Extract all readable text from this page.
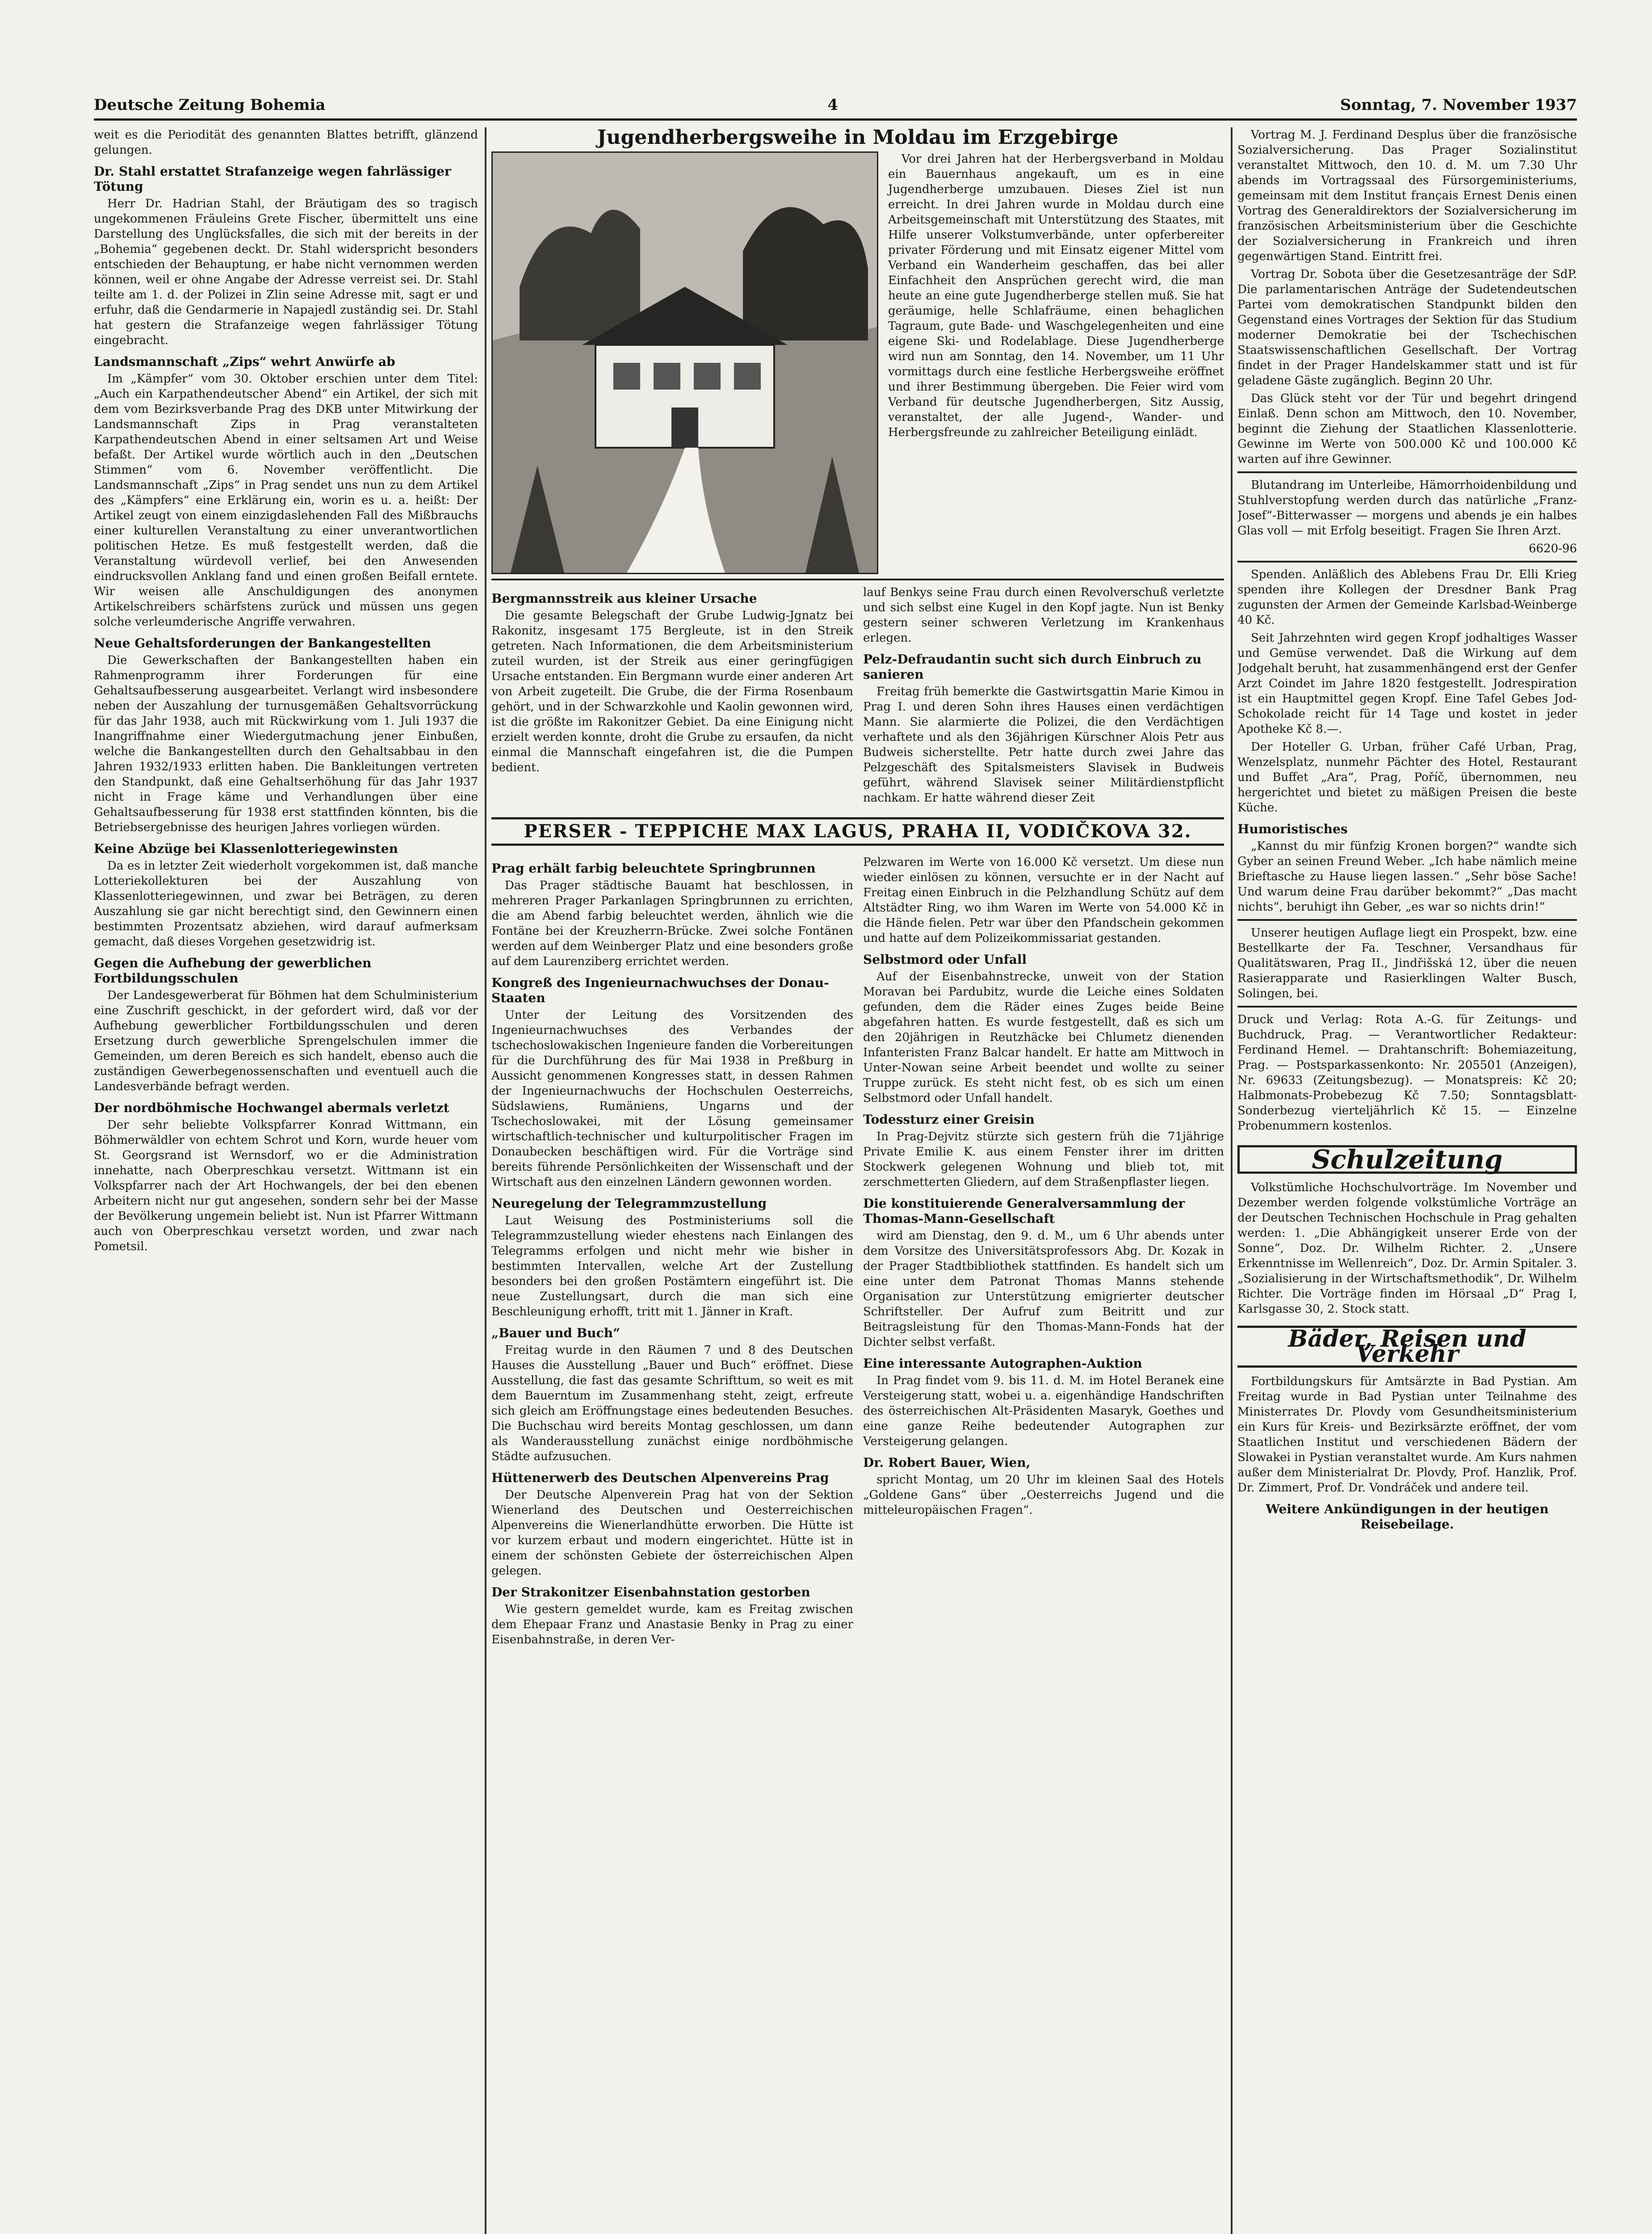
Deutsche Zeitung Bohemia	4	Sonntag, 7. November 1937

weit es die Periodität des genannten Blattes betrifft, glänzend gelungen.

Dr. Stahl erstattet Strafanzeige wegen fahrlässiger Tötung

Herr Dr. Hadrian Stahl, der Bräutigam des so tragisch ungekommenen Fräuleins Grete Fischer, übermittelt uns eine Darstellung des Unglücksfalles, die sich mit der bereits in der „Bohemia“ gegebenen deckt. Dr. Stahl widerspricht besonders entschieden der Behauptung, er habe nicht vernommen werden können, weil er ohne Angabe der Adresse verreist sei. Dr. Stahl teilte am 1. d. der Polizei in Zlin seine Adresse mit, sagt er und erfuhr, daß die Gendarmerie in Napajedl zuständig sei. Dr. Stahl hat gestern die Strafanzeige wegen fahrlässiger Tötung eingebracht.

Landsmannschaft „Zips“ wehrt Anwürfe ab

Im „Kämpfer“ vom 30. Oktober erschien unter dem Titel: „Auch ein Karpathendeutscher Abend“ ein Artikel, der sich mit dem vom Bezirksverbande Prag des DKB unter Mitwirkung der Landsmannschaft Zips in Prag veranstalteten Karpathendeutschen Abend in einer seltsamen Art und Weise befaßt. Der Artikel wurde wörtlich auch in den „Deutschen Stimmen“ vom 6. November veröffentlicht. Die Landsmannschaft „Zips“ in Prag sendet uns nun zu dem Artikel des „Kämpfers“ eine Erklärung ein, worin es u. a. heißt: Der Artikel zeugt von einem einzigdaslehenden Fall des Mißbrauchs einer kulturellen Veranstaltung zu einer unverantwortlichen politischen Hetze. Es muß festgestellt werden, daß die Veranstaltung würdevoll verlief, bei den Anwesenden eindrucksvollen Anklang fand und einen großen Beifall erntete. Wir weisen alle Anschuldigungen des anonymen Artikelschreibers schärfstens zurück und müssen uns gegen solche verleumderische Angriffe verwahren.

Neue Gehaltsforderungen der Bankangestellten

Die Gewerkschaften der Bankangestellten haben ein Rahmenprogramm ihrer Forderungen für eine Gehaltsaufbesserung ausgearbeitet. Verlangt wird insbesondere neben der Auszahlung der turnusgemäßen Gehaltsvorrückung für das Jahr 1938, auch mit Rückwirkung vom 1. Juli 1937 die Inangriffnahme einer Wiedergutmachung jener Einbußen, welche die Bankangestellten durch den Gehaltsabbau in den Jahren 1932/1933 erlitten haben. Die Bankleitungen vertreten den Standpunkt, daß eine Gehaltserhöhung für das Jahr 1937 nicht in Frage käme und Verhandlungen über eine Gehaltsaufbesserung für 1938 erst stattfinden könnten, bis die Betriebsergebnisse des heurigen Jahres vorliegen würden.

Keine Abzüge bei Klassenlotteriegewinsten

Da es in letzter Zeit wiederholt vorgekommen ist, daß manche Lotteriekollekturen bei der Auszahlung von Klassenlotteriegewinnen, und zwar bei Beträgen, zu deren Auszahlung sie gar nicht berechtigt sind, den Gewinnern einen bestimmten Prozentsatz abziehen, wird darauf aufmerksam gemacht, daß dieses Vorgehen gesetzwidrig ist.

Gegen die Aufhebung der gewerblichen Fortbildungsschulen

Der Landesgewerberat für Böhmen hat dem Schulministerium eine Zuschrift geschickt, in der gefordert wird, daß vor der Aufhebung gewerblicher Fortbildungsschulen und deren Ersetzung durch gewerbliche Sprengelschulen immer die Gemeinden, um deren Bereich es sich handelt, ebenso auch die zuständigen Gewerbegenossenschaften und eventuell auch die Landesverbände befragt werden.

Der nordböhmische Hochwangel abermals verletzt

Der sehr beliebte Volkspfarrer Konrad Wittmann, ein Böhmerwäldler von echtem Schrot und Korn, wurde heuer vom St. Georgsrand ist Wernsdorf, wo er die Administration innehatte, nach Oberpreschkau versetzt. Wittmann ist ein Volkspfarrer nach der Art Hochwangels, der bei den ebenen Arbeitern nicht nur gut angesehen, sondern sehr bei der Masse der Bevölkerung ungemein beliebt ist. Nun ist Pfarrer Wittmann auch von Oberpreschkau versetzt worden, und zwar nach Pometsil.

Jugendherbergsweihe in Moldau im Erzgebirge

Vor drei Jahren hat der Herbergsverband in Moldau ein Bauernhaus angekauft, um es in eine Jugendherberge umzubauen. Dieses Ziel ist nun erreicht. In drei Jahren wurde in Moldau durch eine Arbeitsgemeinschaft mit Unterstützung des Staates, mit Hilfe unserer Volkstumverbände, unter opferbereiter privater Förderung und mit Einsatz eigener Mittel vom Verband ein Wanderheim geschaffen, das bei aller Einfachheit den Ansprüchen gerecht wird, die man heute an eine gute Jugendherberge stellen muß. Sie hat geräumige, helle Schlafräume, einen behaglichen Tagraum, gute Bade- und Waschgelegenheiten und eine eigene Ski- und Rodelablage. Diese Jugendherberge wird nun am Sonntag, den 14. November, um 11 Uhr vormittags durch eine festliche Herbergsweihe eröffnet und ihrer Bestimmung übergeben. Die Feier wird vom Verband für deutsche Jugendherbergen, Sitz Aussig, veranstaltet, der alle Jugend-, Wander- und Herbergsfreunde zu zahlreicher Beteiligung einlädt.

Bergmannsstreik aus kleiner Ursache

Die gesamte Belegschaft der Grube Ludwig-Jgnatz bei Rakonitz, insgesamt 175 Bergleute, ist in den Streik getreten. Nach Informationen, die dem Arbeitsministerium zuteil wurden, ist der Streik aus einer geringfügigen Ursache entstanden. Ein Bergmann wurde einer anderen Art von Arbeit zugeteilt. Die Grube, die der Firma Rosenbaum gehört, und in der Schwarzkohle und Kaolin gewonnen wird, ist die größte im Rakonitzer Gebiet. Da eine Einigung nicht erzielt werden konnte, droht die Grube zu ersaufen, da nicht einmal die Mannschaft eingefahren ist, die die Pumpen bedient.

lauf Benkys seine Frau durch einen Revolverschuß verletzte und sich selbst eine Kugel in den Kopf jagte. Nun ist Benky gestern seiner schweren Verletzung im Krankenhaus erlegen.

Pelz-Defraudantin sucht sich durch Einbruch zu sanieren

Freitag früh bemerkte die Gastwirtsgattin Marie Kimou in Prag I. und deren Sohn ihres Hauses einen verdächtigen Mann. Sie alarmierte die Polizei, die den Verdächtigen verhaftete und als den 36jährigen Kürschner Alois Petr aus Budweis sicherstellte. Petr hatte durch zwei Jahre das Pelzgeschäft des Spitalsmeisters Slavisek in Budweis geführt, während Slavisek seiner Militärdienstpflicht nachkam. Er hatte während dieser Zeit

PERSER - TEPPICHE MAX LAGUS, PRAHA II, VODIČKOVA 32.
Prag erhält farbig beleuchtete Springbrunnen

Das Prager städtische Bauamt hat beschlossen, in mehreren Prager Parkanlagen Springbrunnen zu errichten, die am Abend farbig beleuchtet werden, ähnlich wie die Fontäne bei der Kreuzherrn-Brücke. Zwei solche Fontänen werden auf dem Weinberger Platz und eine besonders große auf dem Laurenziberg errichtet werden.

Kongreß des Ingenieurnachwuchses der Donau-Staaten

Unter der Leitung des Vorsitzenden des Ingenieurnachwuchses des Verbandes der tschechoslowakischen Ingenieure fanden die Vorbereitungen für die Durchführung des für Mai 1938 in Preßburg in Aussicht genommenen Kongresses statt, in dessen Rahmen der Ingenieurnachwuchs der Hochschulen Oesterreichs, Südslawiens, Rumäniens, Ungarns und der Tschechoslowakei, mit der Lösung gemeinsamer wirtschaftlich-technischer und kulturpolitischer Fragen im Donaubecken beschäftigen wird. Für die Vorträge sind bereits führende Persönlichkeiten der Wissenschaft und der Wirtschaft aus den einzelnen Ländern gewonnen worden.

Neuregelung der Telegrammzustellung

Laut Weisung des Postministeriums soll die Telegrammzustellung wieder ehestens nach Einlangen des Telegramms erfolgen und nicht mehr wie bisher in bestimmten Intervallen, welche Art der Zustellung besonders bei den großen Postämtern eingeführt ist. Die neue Zustellungsart, durch die man sich eine Beschleunigung erhofft, tritt mit 1. Jänner in Kraft.

„Bauer und Buch“

Freitag wurde in den Räumen 7 und 8 des Deutschen Hauses die Ausstellung „Bauer und Buch“ eröffnet. Diese Ausstellung, die fast das gesamte Schrifttum, so weit es mit dem Bauerntum im Zusammenhang steht, zeigt, erfreute sich gleich am Eröffnungstage eines bedeutenden Besuches. Die Buchschau wird bereits Montag geschlossen, um dann als Wanderausstellung zunächst einige nordböhmische Städte aufzusuchen.

Hüttenerwerb des Deutschen Alpenvereins Prag

Der Deutsche Alpenverein Prag hat von der Sektion Wienerland des Deutschen und Oesterreichischen Alpenvereins die Wienerlandhütte erworben. Die Hütte ist vor kurzem erbaut und modern eingerichtet. Hütte ist in einem der schönsten Gebiete der österreichischen Alpen gelegen.

Der Strakonitzer Eisenbahnstation gestorben

Wie gestern gemeldet wurde, kam es Freitag zwischen dem Ehepaar Franz und Anastasie Benky in Prag zu einer Eisenbahnstraße, in deren Ver-

Pelzwaren im Werte von 16.000 Kč versetzt. Um diese nun wieder einlösen zu können, versuchte er in der Nacht auf Freitag einen Einbruch in die Pelzhandlung Schütz auf dem Altstädter Ring, wo ihm Waren im Werte von 54.000 Kč in die Hände fielen. Petr war über den Pfandschein gekommen und hatte auf dem Polizeikommissariat gestanden.

Selbstmord oder Unfall

Auf der Eisenbahnstrecke, unweit von der Station Moravan bei Pardubitz, wurde die Leiche eines Soldaten gefunden, dem die Räder eines Zuges beide Beine abgefahren hatten. Es wurde festgestellt, daß es sich um den 20jährigen in Reutzhäcke bei Chlumetz dienenden Infanteristen Franz Balcar handelt. Er hatte am Mittwoch in Unter-Nowan seine Arbeit beendet und wollte zu seiner Truppe zurück. Es steht nicht fest, ob es sich um einen Selbstmord oder Unfall handelt.

Todessturz einer Greisin

In Prag-Dejvitz stürzte sich gestern früh die 71jährige Private Emilie K. aus einem Fenster ihrer im dritten Stockwerk gelegenen Wohnung und blieb tot, mit zerschmetterten Gliedern, auf dem Straßenpflaster liegen.

Die konstituierende Generalversammlung der Thomas-Mann-Gesellschaft

wird am Dienstag, den 9. d. M., um 6 Uhr abends unter dem Vorsitze des Universitätsprofessors Abg. Dr. Kozak in der Prager Stadtbibliothek stattfinden. Es handelt sich um eine unter dem Patronat Thomas Manns stehende Organisation zur Unterstützung emigrierter deutscher Schriftsteller. Der Aufruf zum Beitritt und zur Beitragsleistung für den Thomas-Mann-Fonds hat der Dichter selbst verfaßt.

Eine interessante Autographen-Auktion

In Prag findet vom 9. bis 11. d. M. im Hotel Beranek eine Versteigerung statt, wobei u. a. eigenhändige Handschriften des österreichischen Alt-Präsidenten Masaryk, Goethes und eine ganze Reihe bedeutender Autographen zur Versteigerung gelangen.

Dr. Robert Bauer, Wien,

spricht Montag, um 20 Uhr im kleinen Saal des Hotels „Goldene Gans“ über „Oesterreichs Jugend und die mitteleuropäischen Fragen“.

Vortrag M. J. Ferdinand Desplus über die französische Sozialversicherung. Das Prager Sozialinstitut veranstaltet Mittwoch, den 10. d. M. um 7.30 Uhr abends im Vortragssaal des Fürsorgeministeriums, gemeinsam mit dem Institut français Ernest Denis einen Vortrag des Generaldirektors der Sozialversicherung im französischen Arbeitsministerium über die Geschichte der Sozialversicherung in Frankreich und ihren gegenwärtigen Stand. Eintritt frei.

Vortrag Dr. Sobota über die Gesetzesanträge der SdP. Die parlamentarischen Anträge der Sudetendeutschen Partei vom demokratischen Standpunkt bilden den Gegenstand eines Vortrages der Sektion für das Studium moderner Demokratie bei der Tschechischen Staatswissenschaftlichen Gesellschaft. Der Vortrag findet in der Prager Handelskammer statt und ist für geladene Gäste zugänglich. Beginn 20 Uhr.

Das Glück steht vor der Tür und begehrt dringend Einlaß. Denn schon am Mittwoch, den 10. November, beginnt die Ziehung der Staatlichen Klassenlotterie. Gewinne im Werte von 500.000 Kč und 100.000 Kč warten auf ihre Gewinner.

Blutandrang im Unterleibe, Hämorrhoidenbildung und Stuhlverstopfung werden durch das natürliche „Franz-Josef“-Bitterwasser — morgens und abends je ein halbes Glas voll — mit Erfolg beseitigt. Fragen Sie Ihren Arzt.

6620-96

Spenden. Anläßlich des Ablebens Frau Dr. Elli Krieg spenden ihre Kollegen der Dresdner Bank Prag zugunsten der Armen der Gemeinde Karlsbad-Weinberge 40 Kč.

Seit Jahrzehnten wird gegen Kropf jodhaltiges Wasser und Gemüse verwendet. Daß die Wirkung auf dem Jodgehalt beruht, hat zusammenhängend erst der Genfer Arzt Coindet im Jahre 1820 festgestellt. Jodrespiration ist ein Hauptmittel gegen Kropf. Eine Tafel Gebes Jod-Schokolade reicht für 14 Tage und kostet in jeder Apotheke Kč 8.—.

Der Hoteller G. Urban, früher Café Urban, Prag, Wenzelsplatz, nunmehr Pächter des Hotel, Restaurant und Buffet „Ara“, Prag, Poříč, übernommen, neu hergerichtet und bietet zu mäßigen Preisen die beste Küche.

Humoristisches

„Kannst du mir fünfzig Kronen borgen?“ wandte sich Gyber an seinen Freund Weber. „Ich habe nämlich meine Brieftasche zu Hause liegen lassen.“ „Sehr böse Sache! Und warum deine Frau darüber bekommt?“ „Das macht nichts“, beruhigt ihn Geber, „es war so nichts drin!“

Unserer heutigen Auflage liegt ein Prospekt, bzw. eine Bestellkarte der Fa. Teschner, Versandhaus für Qualitätswaren, Prag II., Jindřišská 12, über die neuen Rasierapparate und Rasierklingen Walter Busch, Solingen, bei.

Druck und Verlag: Rota A.-G. für Zeitungs- und Buchdruck, Prag. — Verantwortlicher Redakteur: Ferdinand Hemel. — Drahtanschrift: Bohemiazeitung, Prag. — Postsparkassenkonto: Nr. 205501 (Anzeigen), Nr. 69633 (Zeitungsbezug). — Monatspreis: Kč 20; Halbmonats-Probebezug Kč 7.50; Sonntagsblatt-Sonderbezug vierteljährlich Kč 15. — Einzelne Probenummern kostenlos.

Schulzeitung

Volkstümliche Hochschulvorträge. Im November und Dezember werden folgende volkstümliche Vorträge an der Deutschen Technischen Hochschule in Prag gehalten werden: 1. „Die Abhängigkeit unserer Erde von der Sonne“, Doz. Dr. Wilhelm Richter. 2. „Unsere Erkenntnisse im Wellenreich“, Doz. Dr. Armin Spitaler. 3. „Sozialisierung in der Wirtschaftsmethodik“, Dr. Wilhelm Richter. Die Vorträge finden im Hörsaal „D“ Prag I, Karlsgasse 30, 2. Stock statt.

Bäder, Reisen und Verkehr

Fortbildungskurs für Amtsärzte in Bad Pystian. Am Freitag wurde in Bad Pystian unter Teilnahme des Ministerrates Dr. Plovdy vom Gesundheitsministerium ein Kurs für Kreis- und Bezirksärzte eröffnet, der vom Staatlichen Institut und verschiedenen Bädern der Slowakei in Pystian veranstaltet wurde. Am Kurs nahmen außer dem Ministerialrat Dr. Plovdy, Prof. Hanzlik, Prof. Dr. Zimmert, Prof. Dr. Vondráček und andere teil.

Weitere Ankündigungen in der heutigen Reisebeilage.
